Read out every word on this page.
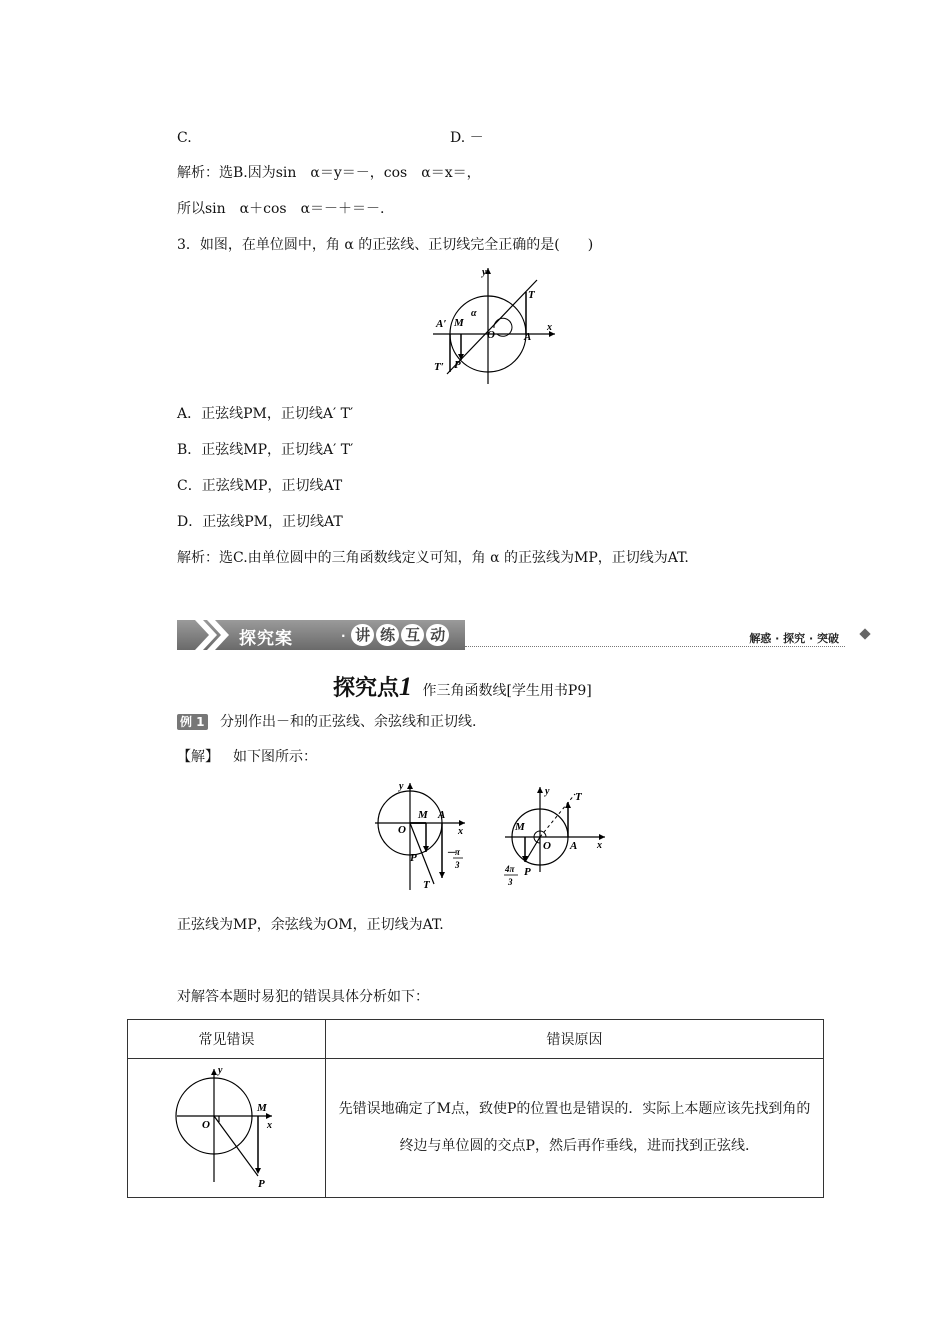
C.	D. －
解析：选B.因为sin　α＝y＝－，cos　α＝x＝，
所以sin　α＋cos　α＝－＋＝－.
3．如图，在单位圆中，角 α 的正弦线、正切线完全正确的是(　　)
y
x
T
A′ M
α
O	A
T′ P
A．正弦线PM，正切线A′ T′
B．正弦线MP，正切线A′ T′
C．正弦线MP，正切线AT
D．正弦线PM，正切线AT
解析：选C.由单位圆中的三角函数线定义可知，角 α 的正弦线为MP，正切线为AT.
探究案	· 讲 练 互 动	解惑 · 探究 · 突破
探究点1 作三角函数线[学生用书P9]
例 1 分别作出－和的正弦线、余弦线和正切线.
【解】 如下图所示：
y
x
O
M A
P
T
－ π
3
y
x
O
M
A
P
T
4π
3
正弦线为MP，余弦线为OM，正切线为AT.
对解答本题时易犯的错误具体分析如下：
常见错误	错误原因

y
x
O
M
P	先错误地确定了M点，致使P的位置也是错误的．实际上本题应该先找到角的终边与单位圆的交点P，然后再作垂线，进而找到正弦线.
